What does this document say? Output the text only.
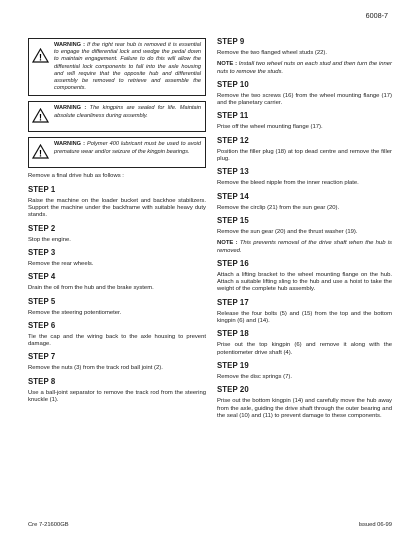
6008-7
!
WARNING : If the right rear hub is removed it is essential to engage the differential lock and wedge the pedal down to maintain engagement. Failure to do this will allow the differential lock components to fall into the axle housing and will require that the opposite hub and differential assembly be removed to retrieve and assemble the components.
!
WARNING : The kingpins are sealed for life. Maintain absolute cleanliness during assembly.
!
WARNING : Polymer 400 lubricant must be used to avoid premature wear and/or seizure of the kingpin bearings.

Remove a final drive hub as follows :

STEP 1

Raise the machine on the loader bucket and backhoe stabilizers. Support the machine under the backframe with suitable heavy duty stands.

STEP 2

Stop the engine.

STEP 3

Remove the rear wheels.

STEP 4

Drain the oil from the hub and the brake system.

STEP 5

Remove the steering potentiometer.

STEP 6

Tie the cap and the wiring back to the axle housing to prevent damage.

STEP 7

Remove the nuts (3) from the track rod ball joint (2).

STEP 8

Use a ball-joint separator to remove the track rod from the steering knuckle (1).

STEP 9

Remove the two flanged wheel studs (22).

NOTE : Install two wheel nuts on each stud and then turn the inner nuts to remove the studs.

STEP 10

Remove the two screws (16) from the wheel mounting flange (17) and the planetary carrier.

STEP 11

Prise off the wheel mounting flange (17).

STEP 12

Position the filler plug (18) at top dead centre and remove the filler plug.

STEP 13

Remove the bleed nipple from the inner reaction plate.

STEP 14

Remove the circlip (21) from the sun gear (20).

STEP 15

Remove the sun gear (20) and the thrust washer (19).

NOTE : This prevents removal of the drive shaft when the hub is removed.

STEP 16

Attach a lifting bracket to the wheel mounting flange on the hub. Attach a suitable lifting sling to the hub and use a hoist to take the weight of the complete hub assembly.

STEP 17

Release the four bolts (5) and (15) from the top and the bottom kingpin (6) and (14).

STEP 18

Prise out the top kingpin (6) and remove it along with the potentiometer drive shaft (4).

STEP 19

Remove the disc springs (7).

STEP 20

Prise out the bottom kingpin (14) and carefully move the hub away from the axle, guiding the drive shaft through the outer bearing and the seal (10) and (11) to prevent damage to these components.

Cre 7-21600GB	Issued 06-99
